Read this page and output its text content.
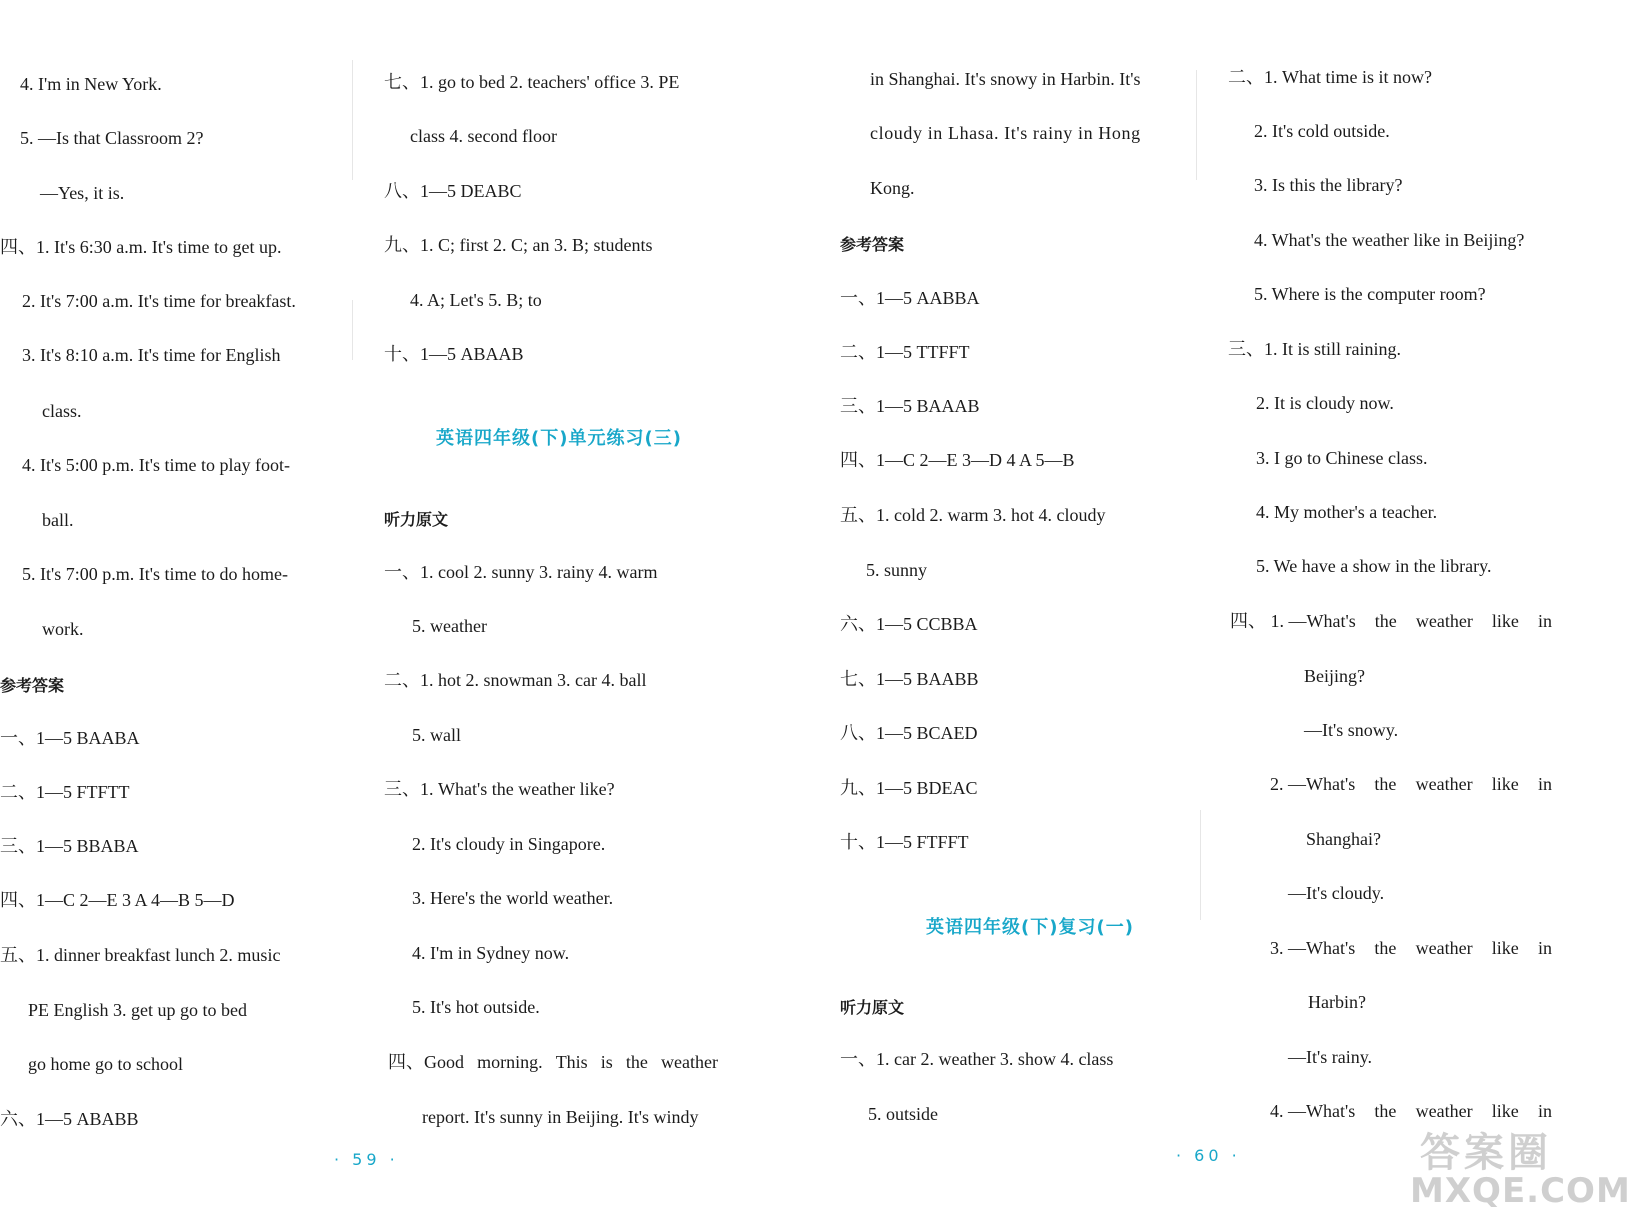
4. I'm in New York.
5. —Is that Classroom 2?
—Yes, it is.
四、1. It's 6:30 a.m. It's time to get up.
2. It's 7:00 a.m. It's time for breakfast.
3. It's 8:10 a.m. It's time for English
class.
4. It's 5:00 p.m. It's time to play foot-
ball.
5. It's 7:00 p.m. It's time to do home-
work.
参考答案
一、1—5 BAABA
二、1—5 FTFTT
三、1—5 BBABA
四、1—C 2—E 3 A 4—B 5—D
五、1. dinner breakfast lunch 2. music
PE English 3. get up go to bed
go home go to school
六、1—5 ABABB
七、1. go to bed 2. teachers' office 3. PE
class 4. second floor
八、1—5 DEABC
九、1. C; first 2. C; an 3. B; students
4. A; Let's 5. B; to
十、1—5 ABAAB
英语四年级(下)单元练习(三)
听力原文
一、1. cool 2. sunny 3. rainy 4. warm
5. weather
二、1. hot 2. snowman 3. car 4. ball
5. wall
三、1. What's the weather like?
2. It's cloudy in Singapore.
3. Here's the world weather.
4. I'm in Sydney now.
5. It's hot outside.
四、Good morning. This is the weather
report. It's sunny in Beijing. It's windy
· 59 ·
in Shanghai. It's snowy in Harbin. It's
cloudy in Lhasa. It's rainy in Hong
Kong.
参考答案
一、1—5 AABBA
二、1—5 TTFFT
三、1—5 BAAAB
四、1—C 2—E 3—D 4 A 5—B
五、1. cold 2. warm 3. hot 4. cloudy
5. sunny
六、1—5 CCBBA
七、1—5 BAABB
八、1—5 BCAED
九、1—5 BDEAC
十、1—5 FTFFT
英语四年级(下)复习(一)
听力原文
一、1. car 2. weather 3. show 4. class
5. outside
二、1. What time is it now?
2. It's cold outside.
3. Is this the library?
4. What's the weather like in Beijing?
5. Where is the computer room?
三、1. It is still raining.
2. It is cloudy now.
3. I go to Chinese class.
4. My mother's a teacher.
5. We have a show in the library.
四、 1. —What's the weather like in
Beijing?
—It's snowy.
2. —What's the weather like in
Shanghai?
—It's cloudy.
3. —What's the weather like in
Harbin?
—It's rainy.
4. —What's the weather like in
· 60 ·	答案圈
MXQE.COM
